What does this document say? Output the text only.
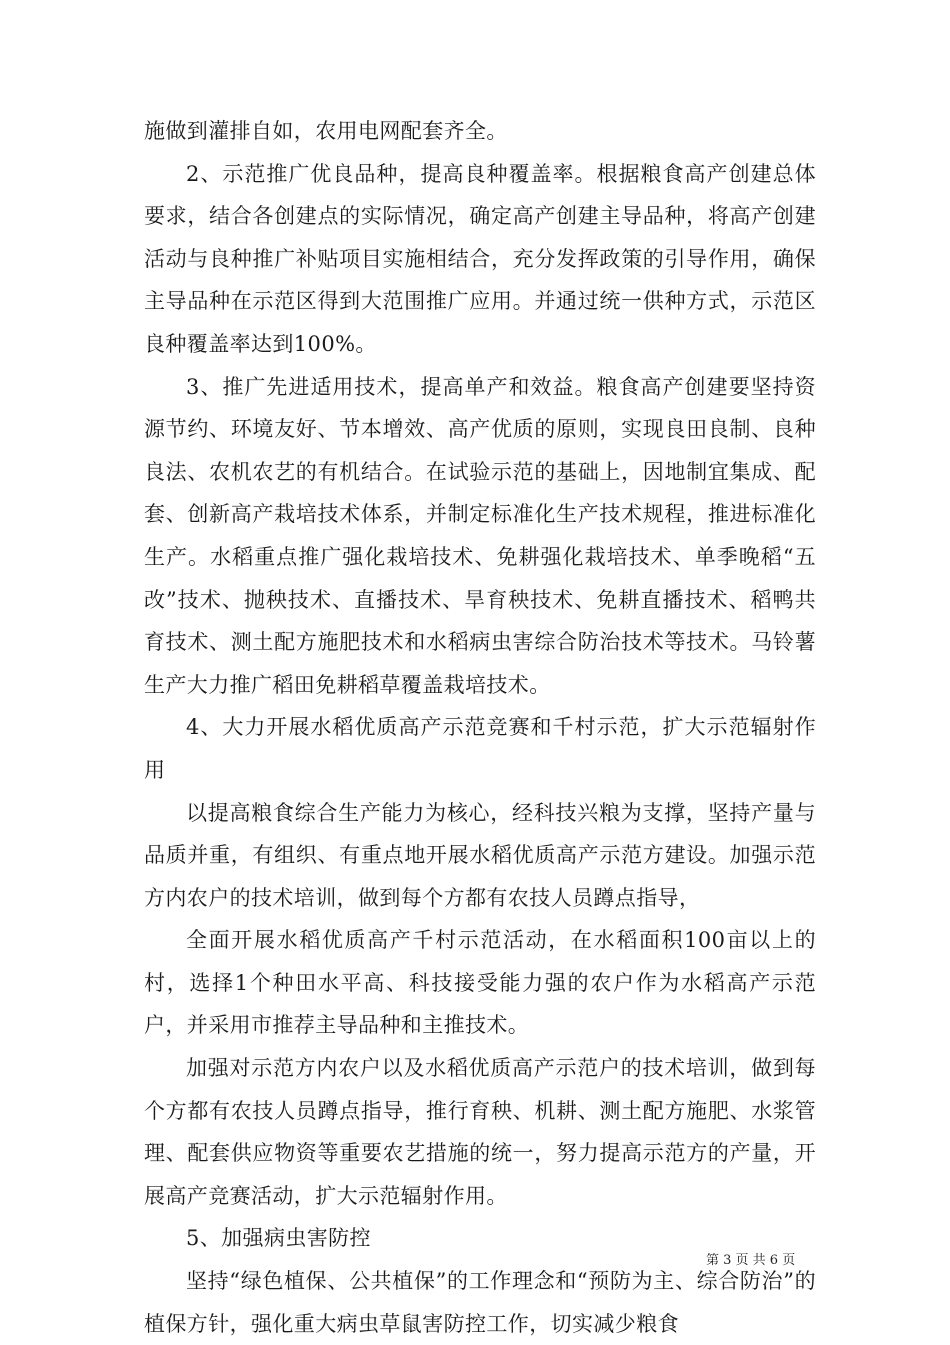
施做到灌排自如，农用电网配套齐全。

2、示范推广优良品种，提高良种覆盖率。根据粮食高产创建总体要求，结合各创建点的实际情况，确定高产创建主导品种，将高产创建活动与良种推广补贴项目实施相结合，充分发挥政策的引导作用，确保主导品种在示范区得到大范围推广应用。并通过统一供种方式，示范区良种覆盖率达到100%。

3、推广先进适用技术，提高单产和效益。粮食高产创建要坚持资源节约、环境友好、节本增效、高产优质的原则，实现良田良制、良种良法、农机农艺的有机结合。在试验示范的基础上，因地制宜集成、配套、创新高产栽培技术体系，并制定标准化生产技术规程，推进标准化生产。水稻重点推广强化栽培技术、免耕强化栽培技术、单季晚稻“五改”技术、抛秧技术、直播技术、旱育秧技术、免耕直播技术、稻鸭共育技术、测土配方施肥技术和水稻病虫害综合防治技术等技术。马铃薯生产大力推广稻田免耕稻草覆盖栽培技术。

4、大力开展水稻优质高产示范竞赛和千村示范，扩大示范辐射作用

以提高粮食综合生产能力为核心，经科技兴粮为支撑，坚持产量与品质并重，有组织、有重点地开展水稻优质高产示范方建设。加强示范方内农户的技术培训，做到每个方都有农技人员蹲点指导，

全面开展水稻优质高产千村示范活动，在水稻面积100亩以上的村，选择1个种田水平高、科技接受能力强的农户作为水稻高产示范户，并采用市推荐主导品种和主推技术。

加强对示范方内农户以及水稻优质高产示范户的技术培训，做到每个方都有农技人员蹲点指导，推行育秧、机耕、测土配方施肥、水浆管理、配套供应物资等重要农艺措施的统一，努力提高示范方的产量，开展高产竞赛活动，扩大示范辐射作用。

5、加强病虫害防控

坚持“绿色植保、公共植保”的工作理念和“预防为主、综合防治”的植保方针，强化重大病虫草鼠害防控工作，切实减少粮食

第 3 页 共 6 页
